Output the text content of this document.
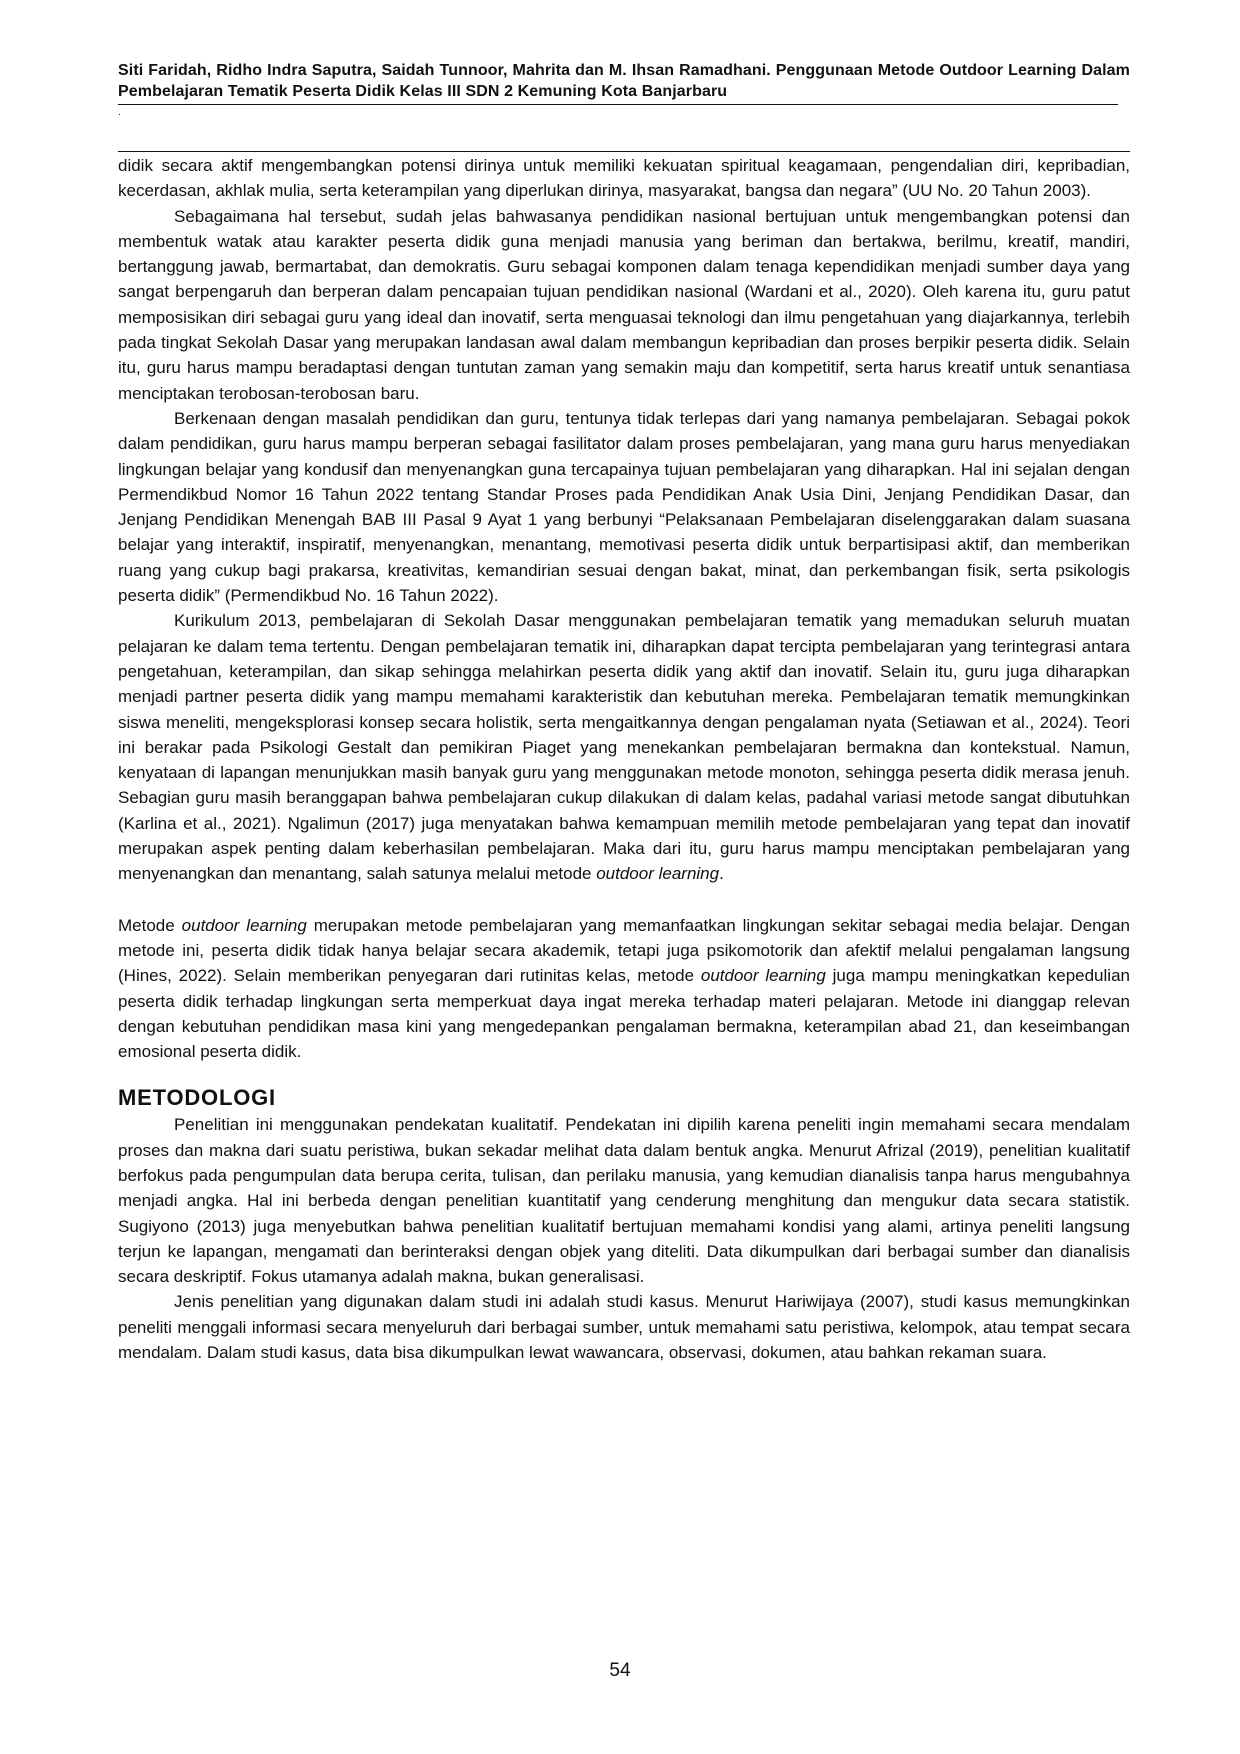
Siti Faridah, Ridho Indra Saputra, Saidah Tunnoor, Mahrita dan M. Ihsan Ramadhani. Penggunaan Metode Outdoor Learning Dalam Pembelajaran Tematik Peserta Didik Kelas III SDN 2 Kemuning Kota Banjarbaru
.

didik secara aktif mengembangkan potensi dirinya untuk memiliki kekuatan spiritual keagamaan, pengendalian diri, kepribadian, kecerdasan, akhlak mulia, serta keterampilan yang diperlukan dirinya, masyarakat, bangsa dan negara” (UU No. 20 Tahun 2003).

Sebagaimana hal tersebut, sudah jelas bahwasanya pendidikan nasional bertujuan untuk mengembangkan potensi dan membentuk watak atau karakter peserta didik guna menjadi manusia yang beriman dan bertakwa, berilmu, kreatif, mandiri, bertanggung jawab, bermartabat, dan demokratis. Guru sebagai komponen dalam tenaga kependidikan menjadi sumber daya yang sangat berpengaruh dan berperan dalam pencapaian tujuan pendidikan nasional (Wardani et al., 2020). Oleh karena itu, guru patut memposisikan diri sebagai guru yang ideal dan inovatif, serta menguasai teknologi dan ilmu pengetahuan yang diajarkannya, terlebih pada tingkat Sekolah Dasar yang merupakan landasan awal dalam membangun kepribadian dan proses berpikir peserta didik. Selain itu, guru harus mampu beradaptasi dengan tuntutan zaman yang semakin maju dan kompetitif, serta harus kreatif untuk senantiasa menciptakan terobosan-terobosan baru.

Berkenaan dengan masalah pendidikan dan guru, tentunya tidak terlepas dari yang namanya pembelajaran. Sebagai pokok dalam pendidikan, guru harus mampu berperan sebagai fasilitator dalam proses pembelajaran, yang mana guru harus menyediakan lingkungan belajar yang kondusif dan menyenangkan guna tercapainya tujuan pembelajaran yang diharapkan. Hal ini sejalan dengan Permendikbud Nomor 16 Tahun 2022 tentang Standar Proses pada Pendidikan Anak Usia Dini, Jenjang Pendidikan Dasar, dan Jenjang Pendidikan Menengah BAB III Pasal 9 Ayat 1 yang berbunyi “Pelaksanaan Pembelajaran diselenggarakan dalam suasana belajar yang interaktif, inspiratif, menyenangkan, menantang, memotivasi peserta didik untuk berpartisipasi aktif, dan memberikan ruang yang cukup bagi prakarsa, kreativitas, kemandirian sesuai dengan bakat, minat, dan perkembangan fisik, serta psikologis peserta didik” (Permendikbud No. 16 Tahun 2022).

Kurikulum 2013, pembelajaran di Sekolah Dasar menggunakan pembelajaran tematik yang memadukan seluruh muatan pelajaran ke dalam tema tertentu. Dengan pembelajaran tematik ini, diharapkan dapat tercipta pembelajaran yang terintegrasi antara pengetahuan, keterampilan, dan sikap sehingga melahirkan peserta didik yang aktif dan inovatif. Selain itu, guru juga diharapkan menjadi partner peserta didik yang mampu memahami karakteristik dan kebutuhan mereka. Pembelajaran tematik memungkinkan siswa meneliti, mengeksplorasi konsep secara holistik, serta mengaitkannya dengan pengalaman nyata (Setiawan et al., 2024). Teori ini berakar pada Psikologi Gestalt dan pemikiran Piaget yang menekankan pembelajaran bermakna dan kontekstual. Namun, kenyataan di lapangan menunjukkan masih banyak guru yang menggunakan metode monoton, sehingga peserta didik merasa jenuh. Sebagian guru masih beranggapan bahwa pembelajaran cukup dilakukan di dalam kelas, padahal variasi metode sangat dibutuhkan (Karlina et al., 2021). Ngalimun (2017) juga menyatakan bahwa kemampuan memilih metode pembelajaran yang tepat dan inovatif merupakan aspek penting dalam keberhasilan pembelajaran. Maka dari itu, guru harus mampu menciptakan pembelajaran yang menyenangkan dan menantang, salah satunya melalui metode outdoor learning.

Metode outdoor learning merupakan metode pembelajaran yang memanfaatkan lingkungan sekitar sebagai media belajar. Dengan metode ini, peserta didik tidak hanya belajar secara akademik, tetapi juga psikomotorik dan afektif melalui pengalaman langsung (Hines, 2022). Selain memberikan penyegaran dari rutinitas kelas, metode outdoor learning juga mampu meningkatkan kepedulian peserta didik terhadap lingkungan serta memperkuat daya ingat mereka terhadap materi pelajaran. Metode ini dianggap relevan dengan kebutuhan pendidikan masa kini yang mengedepankan pengalaman bermakna, keterampilan abad 21, dan keseimbangan emosional peserta didik.

METODOLOGI

Penelitian ini menggunakan pendekatan kualitatif. Pendekatan ini dipilih karena peneliti ingin memahami secara mendalam proses dan makna dari suatu peristiwa, bukan sekadar melihat data dalam bentuk angka. Menurut Afrizal (2019), penelitian kualitatif berfokus pada pengumpulan data berupa cerita, tulisan, dan perilaku manusia, yang kemudian dianalisis tanpa harus mengubahnya menjadi angka. Hal ini berbeda dengan penelitian kuantitatif yang cenderung menghitung dan mengukur data secara statistik. Sugiyono (2013) juga menyebutkan bahwa penelitian kualitatif bertujuan memahami kondisi yang alami, artinya peneliti langsung terjun ke lapangan, mengamati dan berinteraksi dengan objek yang diteliti. Data dikumpulkan dari berbagai sumber dan dianalisis secara deskriptif. Fokus utamanya adalah makna, bukan generalisasi.

Jenis penelitian yang digunakan dalam studi ini adalah studi kasus. Menurut Hariwijaya (2007), studi kasus memungkinkan peneliti menggali informasi secara menyeluruh dari berbagai sumber, untuk memahami satu peristiwa, kelompok, atau tempat secara mendalam. Dalam studi kasus, data bisa dikumpulkan lewat wawancara, observasi, dokumen, atau bahkan rekaman suara.

54
